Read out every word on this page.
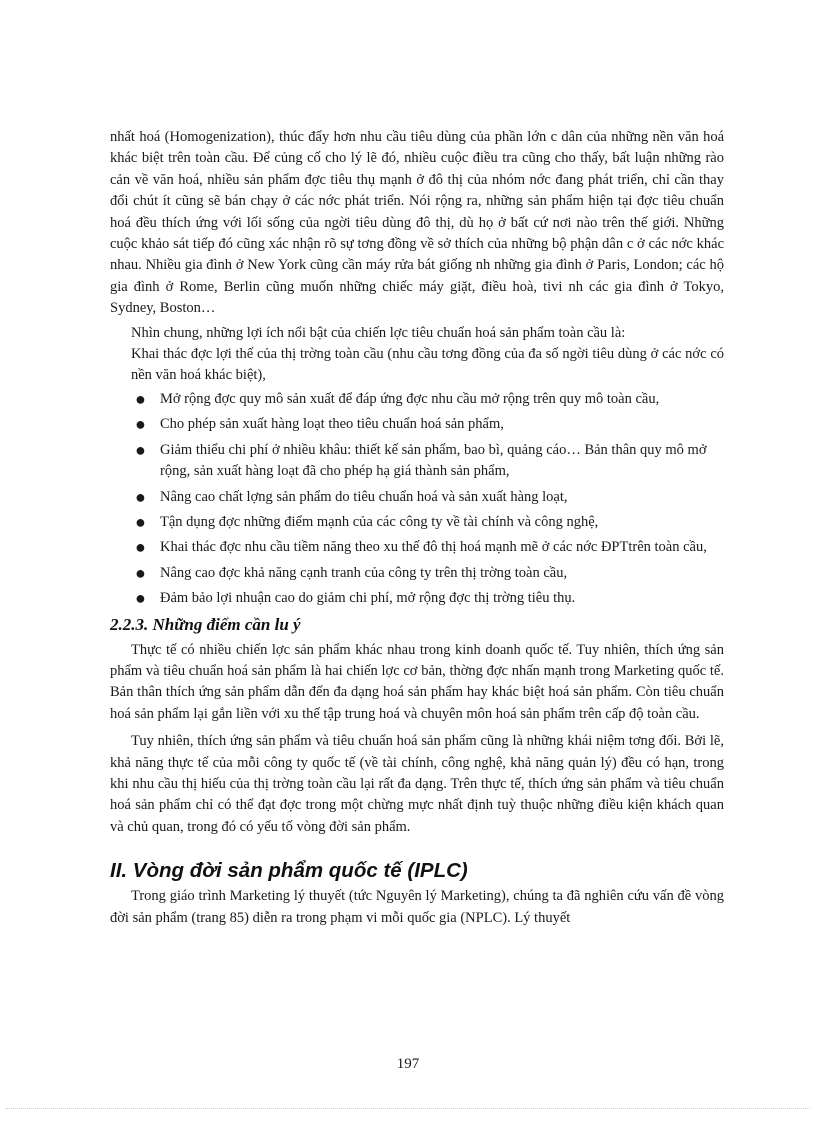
nhất hoá (Homogenization), thúc đẩy hơn nhu cầu tiêu dùng của phần lớn c dân của những nền văn hoá khác biệt trên toàn cầu. Để củng cố cho lý lẽ đó, nhiều cuộc điều tra cũng cho thấy, bất luận những rào cản về văn hoá, nhiều sản phẩm đợc tiêu thụ mạnh ở đô thị của nhóm nớc đang phát triển, chỉ cần thay đổi chút ít cũng sẽ bán chạy ở các nớc phát triển. Nói rộng ra, những sản phẩm hiện tại đợc tiêu chuẩn hoá đều thích ứng với lối sống của ngời tiêu dùng đô thị, dù họ ở bất cứ nơi nào trên thế giới. Những cuộc khảo sát tiếp đó cũng xác nhận rõ sự tơng đồng về sở thích của những bộ phận dân c ở các nớc khác nhau. Nhiều gia đình ở New York cũng cần máy rửa bát giống nh những gia đình ở Paris, London; các hộ gia đình ở Rome, Berlin cũng muốn những chiếc máy giặt, điều hoà, tivi nh các gia đình ở Tokyo, Sydney, Boston…

Nhìn chung, những lợi ích nổi bật của chiến lợc tiêu chuẩn hoá sản phẩm toàn cầu là:

Khai thác đợc lợi thế của thị trờng toàn cầu (nhu cầu tơng đồng của đa số ngời tiêu dùng ở các nớc có nền văn hoá khác biệt),

● Mở rộng đợc quy mô sản xuất để đáp ứng đợc nhu cầu mở rộng trên quy mô toàn cầu,
● Cho phép sản xuất hàng loạt theo tiêu chuẩn hoá sản phẩm,
● Giảm thiểu chi phí ở nhiều khâu: thiết kế sản phẩm, bao bì, quảng cáo… Bản thân quy mô mở rộng, sản xuất hàng loạt đã cho phép hạ giá thành sản phẩm,
● Nâng cao chất lợng sản phẩm do tiêu chuẩn hoá và sản xuất hàng loạt,
● Tận dụng đợc những điểm mạnh của các công ty về tài chính và công nghệ,
● Khai thác đợc nhu cầu tiềm năng theo xu thế đô thị hoá mạnh mẽ ở các nớc ĐPTtrên toàn cầu,
● Nâng cao đợc khả năng cạnh tranh của công ty trên thị trờng toàn cầu,
● Đảm bảo lợi nhuận cao do giảm chi phí, mở rộng đợc thị trờng tiêu thụ.
2.2.3. Những điểm cần lu ý

Thực tế có nhiều chiến lợc sản phẩm khác nhau trong kinh doanh quốc tế. Tuy nhiên, thích ứng sản phẩm và tiêu chuẩn hoá sản phẩm là hai chiến lợc cơ bản, thờng đợc nhấn mạnh trong Marketing quốc tế. Bản thân thích ứng sản phẩm dẫn đến đa dạng hoá sản phẩm hay khác biệt hoá sản phẩm. Còn tiêu chuẩn hoá sản phẩm lại gắn liền với xu thế tập trung hoá và chuyên môn hoá sản phẩm trên cấp độ toàn cầu.

Tuy nhiên, thích ứng sản phẩm và tiêu chuẩn hoá sản phẩm cũng là những khái niệm tơng đối. Bởi lẽ, khả năng thực tế của mỗi công ty quốc tế (về tài chính, công nghệ, khả năng quản lý) đều có hạn, trong khi nhu cầu thị hiếu của thị trờng toàn cầu lại rất đa dạng. Trên thực tế, thích ứng sản phẩm và tiêu chuẩn hoá sản phẩm chỉ có thể đạt đợc trong một chừng mực nhất định tuỳ thuộc những điều kiện khách quan và chủ quan, trong đó có yếu tố vòng đời sản phẩm.

II. Vòng đời sản phẩm quốc tế (IPLC)

Trong giáo trình Marketing lý thuyết (tức Nguyên lý Marketing), chúng ta đã nghiên cứu vấn đề vòng đời sản phẩm (trang 85) diễn ra trong phạm vi mỗi quốc gia (NPLC). Lý thuyết

197
